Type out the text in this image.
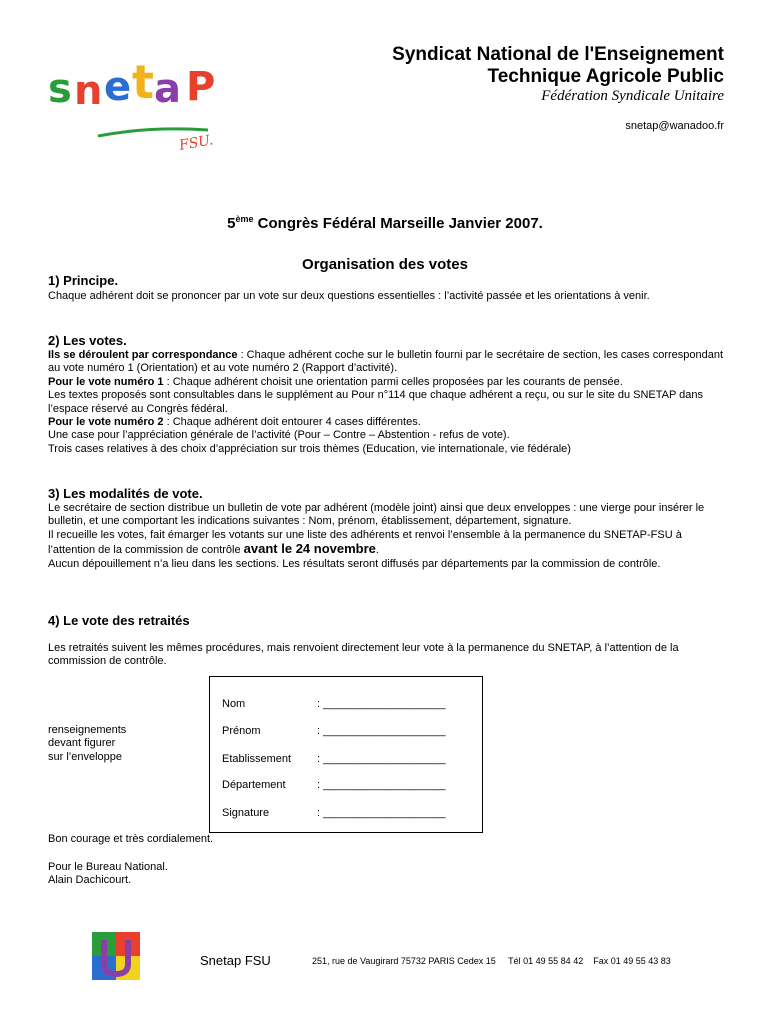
s n e t a P
FSU.
Syndicat National de l'Enseignement
Technique Agricole Public
Fédération Syndicale Unitaire
snetap@wanadoo.fr
5ème Congrès Fédéral Marseille Janvier 2007.
Organisation des votes
1) Principe.
Chaque adhérent doit se prononcer par un vote sur deux questions essentielles : l’activité passée et les orientations à venir.
2) Les votes.
Ils se déroulent par correspondance : Chaque adhérent coche sur le bulletin fourni par le secrétaire de section, les cases correspondant au vote numéro 1 (Orientation) et au vote numéro 2 (Rapport d’activité).
Pour le vote numéro 1 : Chaque adhérent choisit une orientation parmi celles proposées par les courants de pensée.
Les textes proposés sont consultables dans le supplément au Pour n°114 que chaque adhérent a reçu, ou sur le site du SNETAP dans l’espace réservé au Congrès fédéral.
Pour le vote numéro 2 : Chaque adhérent doit entourer 4 cases différentes.
Une case pour l’appréciation générale de l’activité (Pour – Contre – Abstention - refus de vote).
Trois cases relatives à des choix d’appréciation sur trois thèmes (Education, vie internationale, vie fédérale)
3) Les modalités de vote.
Le secrétaire de section distribue un bulletin de vote par adhérent (modèle joint) ainsi que deux enveloppes : une vierge pour insérer le bulletin, et une comportant les indications suivantes : Nom, prénom, établissement, département, signature.
Il recueille les votes, fait émarger les votants sur une liste des adhérents et renvoi l’ensemble à la permanence du SNETAP-FSU à l’attention de la commission de contrôle avant le 24 novembre.
Aucun dépouillement n’a lieu dans les sections. Les résultats seront diffusés par départements par la commission de contrôle.
4) Le vote des retraités
Les retraités suivent les mêmes procédures, mais renvoient directement leur vote à la permanence du SNETAP, à l’attention de la commission de contrôle.
renseignements
devant figurer
sur l’enveloppe
Nom	: ____________________
Prénom	: ____________________
Etablissement : ____________________
Département	: ____________________
Signature	: ____________________
Bon courage et très cordialement.
Pour le Bureau National.
Alain Dachicourt.
Snetap FSU	251, rue de Vaugirard 75732 PARIS Cedex 15 Tél 01 49 55 84 42 Fax 01 49 55 43 83
